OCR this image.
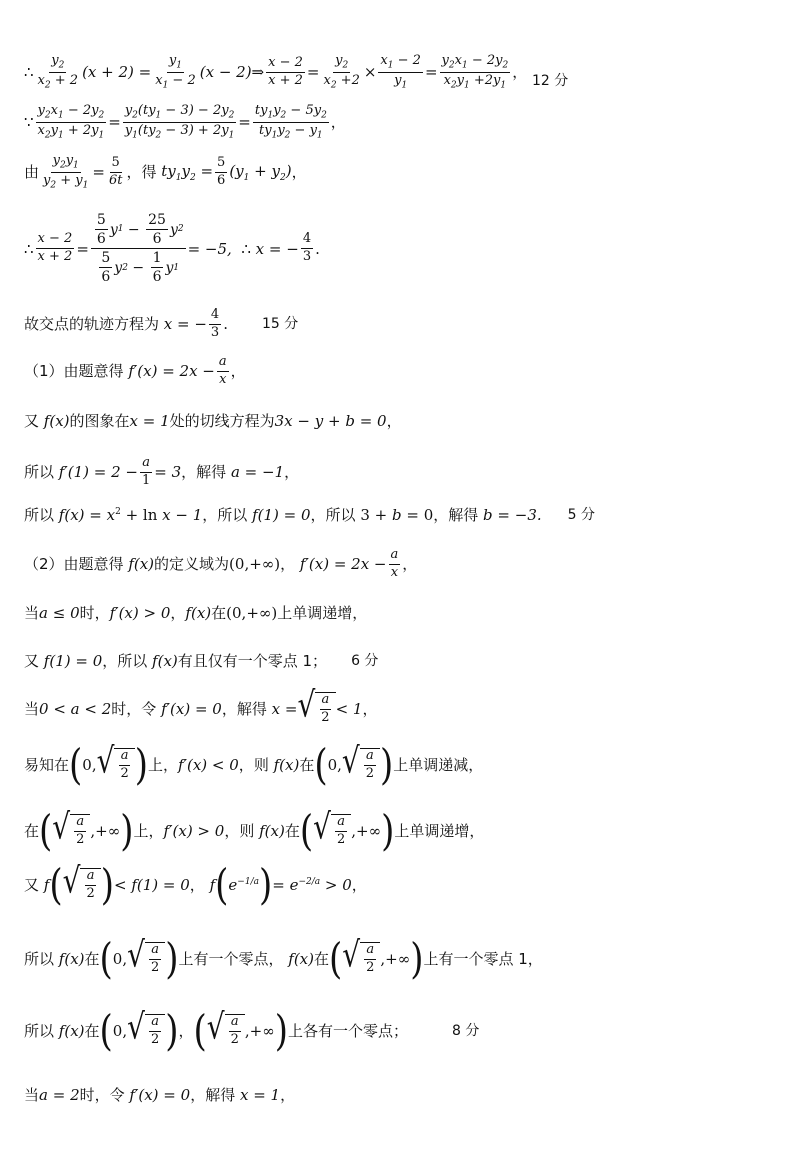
∴ $\frac{y_2}{x_2 + 2} (x + 2) = \frac{y_1}{x_1 - 2} (x - 2)$ ⇒ $\frac{x - 2}{x + 2} = \frac{y_2}{x_2 +2} \times \frac{x_1 - 2}{y_1} = \frac{y_2x_1 - 2y_2}{x_2y_1 +2y_1}$ ， 12 分
∵ $\frac{y_2x_1 - 2y_2}{x_2y_1 + 2y_1} = \frac{y_2(ty_1 - 3) - 2y_2}{y_1(ty_2 - 3) + 2y_1} = \frac{ty_1y_2 - 5y_2}{ty_1y_2 - y_1}$ ，
由 $\frac{y_2y_1}{y_2 + y_1} = \frac{5}{6t}$ ， 得 $ty_1y_2 = \frac{5}{6} (y_1 + y_2)$ ，
∴ $\frac{x - 2}{x + 2} = \frac{\frac{5}{6} y 1 - \frac{25}{6} y 2}{\frac{5}{6} y 2 - \frac{1}{6} y 1} = -5$, ∴ x = − $\frac{4}{3}$ .
故交点的轨迹方程为 x = − $\frac{4}{3}$ . 15 分
（1）由题意得 $f'(x) = 2x - \frac{a}{x}$ ，
又 f(x) 的图象在 x = 1 处的切线方程为 3x − y + b = 0 ，
所以 $f'(1) = 2 - \frac{a}{1} = 3$ ， 解得 a = −1 ，
所以 $f(x) = x^2 + \ln x - 1$ ， 所以 f(1) = 0 ， 所以 3 + b = 0 ， 解得 b = −3. 5 分
（2）由题意得 f(x) 的定义域为 (0,+∞) ， $f'(x) = 2x - \frac{a}{x}$ ，
当 a ≤ 0 时， f′(x) > 0 ， f(x) 在 (0,+∞) 上单调递增，
又 f(1) = 0 ， 所以 f(x) 有且仅有一个零点 1； 6 分
当 0 < a < 2 时， 令 f′(x) = 0 ， 解得 x = √ $\frac{a}{2} < 1$ ，
易知在 ( 0, √ $\frac{a}{2}$ ) 上 ， f′(x) < 0 ， 则 f(x) 在 ( 0, √ $\frac{a}{2}$ ) 上单调递减，
在 ( √ $\frac{a}{2}$ ,+∞ ) 上 ， f′(x) > 0 ， 则 f(x) 在 ( √ $\frac{a}{2}$ ,+∞ ) 上单调递增，
又 f ( √ $\frac{a}{2}$ ) < f(1) = 0 ， f ( $e^{-1/a}$ ) = $e^{-2/a} > 0$ ，
所以 f(x) 在 ( 0, √ $\frac{a}{2}$ ) 上有一个零点， f(x) 在 ( √ $\frac{a}{2}$ ,+∞ ) 上有一个零点 1，
所以 f(x) 在 ( 0, √ $\frac{a}{2}$ ) ， ( √ $\frac{a}{2}$ ,+∞ ) 上各有一个零点；	8 分
当 a = 2 时， 令 f′(x) = 0 ， 解得 x = 1 ，
